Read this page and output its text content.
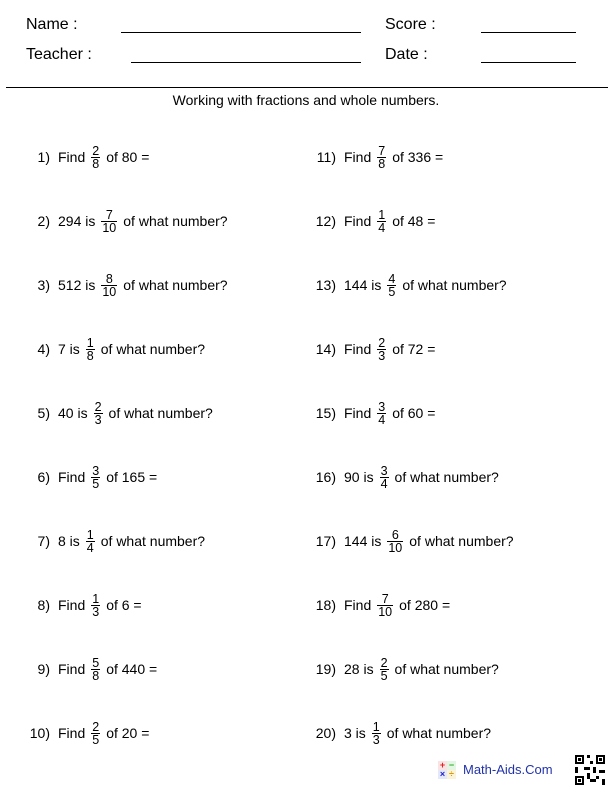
Name :	Score :
Teacher :	Date :
Working with fractions and whole numbers.
1) Find $\frac{2}{8}$ of 80 =
2) 294 is $\frac{7}{10}$ of what number?
3) 512 is $\frac{8}{10}$ of what number?
4) 7 is $\frac{1}{8}$ of what number?
5) 40 is $\frac{2}{3}$ of what number?
6) Find $\frac{3}{5}$ of 165 =
7) 8 is $\frac{1}{4}$ of what number?
8) Find $\frac{1}{3}$ of 6 =
9) Find $\frac{5}{8}$ of 440 =
10) Find $\frac{2}{5}$ of 20 =
11) Find $\frac{7}{8}$ of 336 =
12) Find $\frac{1}{4}$ of 48 =
13) 144 is $\frac{4}{5}$ of what number?
14) Find $\frac{2}{3}$ of 72 =
15) Find $\frac{3}{4}$ of 60 =
16) 90 is $\frac{3}{4}$ of what number?
17) 144 is $\frac{6}{10}$ of what number?
18) Find $\frac{7}{10}$ of 280 =
19) 28 is $\frac{2}{5}$ of what number?
20) 3 is $\frac{1}{3}$ of what number?
+ −
× ÷ Math-Aids.Com
